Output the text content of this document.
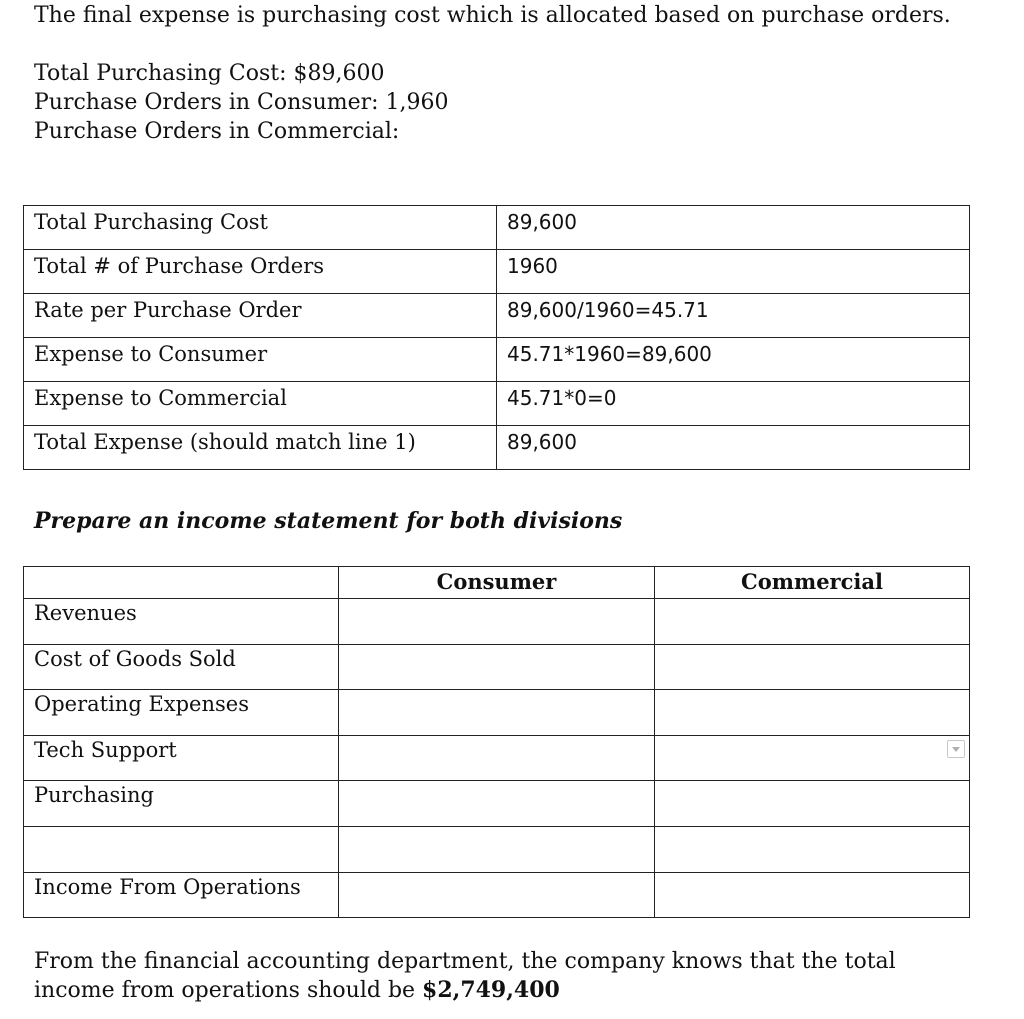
The final expense is purchasing cost which is allocated based on purchase orders.
Total Purchasing Cost: $89,600
Purchase Orders in Consumer: 1,960
Purchase Orders in Commercial:
Total Purchasing Cost	89,600
Total # of Purchase Orders	1960
Rate per Purchase Order	89,600/1960=45.71
Expense to Consumer	45.71*1960=89,600
Expense to Commercial	45.71*0=0
Total Expense (should match line 1)	89,600
Prepare an income statement for both divisions
	Consumer	Commercial
Revenues		
Cost of Goods Sold		
Operating Expenses		
Tech Support		

Purchasing		

Income From Operations		
From the financial accounting department, the company knows that the total
income from operations should be $2,749,400
